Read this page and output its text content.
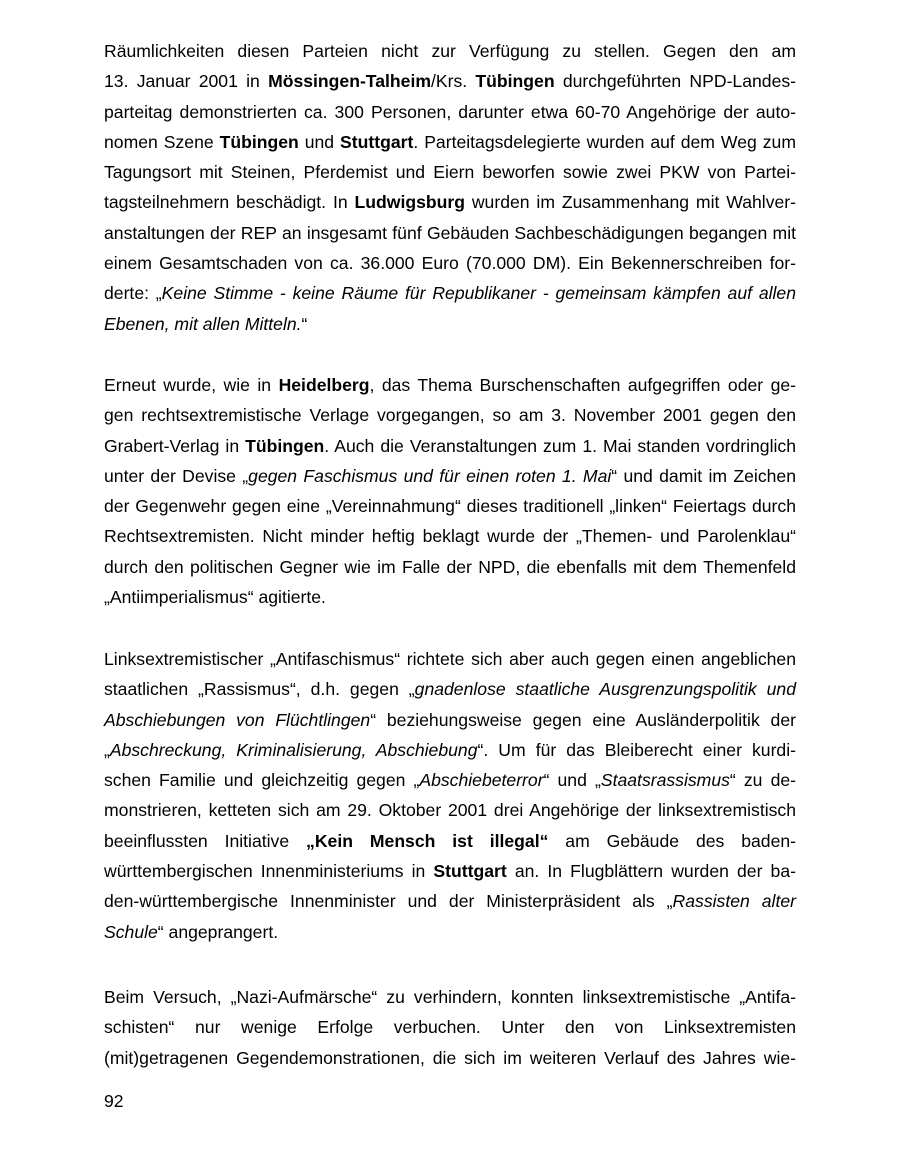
Räumlichkeiten diesen Parteien nicht zur Verfügung zu stellen. Gegen den am
13. Januar 2001 in Mössingen-Talheim/Krs. Tübingen durchgeführten NPD-Landes-
parteitag demonstrierten ca. 300 Personen, darunter etwa 60-70 Angehörige der auto-
nomen Szene Tübingen und Stuttgart. Parteitagsdelegierte wurden auf dem Weg zum
Tagungsort mit Steinen, Pferdemist und Eiern beworfen sowie zwei PKW von Partei-
tagsteilnehmern beschädigt. In Ludwigsburg wurden im Zusammenhang mit Wahlver-
anstaltungen der REP an insgesamt fünf Gebäuden Sachbeschädigungen begangen mit
einem Gesamtschaden von ca. 36.000 Euro (70.000 DM). Ein Bekennerschreiben for-
derte: „Keine Stimme - keine Räume für Republikaner - gemeinsam kämpfen auf allen
Ebenen, mit allen Mitteln.“
Erneut wurde, wie in Heidelberg, das Thema Burschenschaften aufgegriffen oder ge-
gen rechtsextremistische Verlage vorgegangen, so am 3. November 2001 gegen den
Grabert-Verlag in Tübingen. Auch die Veranstaltungen zum 1. Mai standen vordringlich
unter der Devise „gegen Faschismus und für einen roten 1. Mai“ und damit im Zeichen
der Gegenwehr gegen eine „Vereinnahmung“ dieses traditionell „linken“ Feiertags durch
Rechtsextremisten. Nicht minder heftig beklagt wurde der „Themen- und Parolenklau“
durch den politischen Gegner wie im Falle der NPD, die ebenfalls mit dem Themenfeld
„Antiimperialismus“ agitierte.
Linksextremistischer „Antifaschismus“ richtete sich aber auch gegen einen angeblichen
staatlichen „Rassismus“, d.h. gegen „gnadenlose staatliche Ausgrenzungspolitik und
Abschiebungen von Flüchtlingen“ beziehungsweise gegen eine Ausländerpolitik der
„Abschreckung, Kriminalisierung, Abschiebung“. Um für das Bleiberecht einer kurdi-
schen Familie und gleichzeitig gegen „Abschiebeterror“ und „Staatsrassismus“ zu de-
monstrieren, ketteten sich am 29. Oktober 2001 drei Angehörige der linksextremistisch
beeinflussten Initiative „Kein Mensch ist illegal“ am Gebäude des baden-
württembergischen Innenministeriums in Stuttgart an. In Flugblättern wurden der ba-
den-württembergische Innenminister und der Ministerpräsident als „Rassisten alter
Schule“ angeprangert.
Beim Versuch, „Nazi-Aufmärsche“ zu verhindern, konnten linksextremistische „Antifa-
schisten“ nur wenige Erfolge verbuchen. Unter den von Linksextremisten
(mit)getragenen Gegendemonstrationen, die sich im weiteren Verlauf des Jahres wie-
92
